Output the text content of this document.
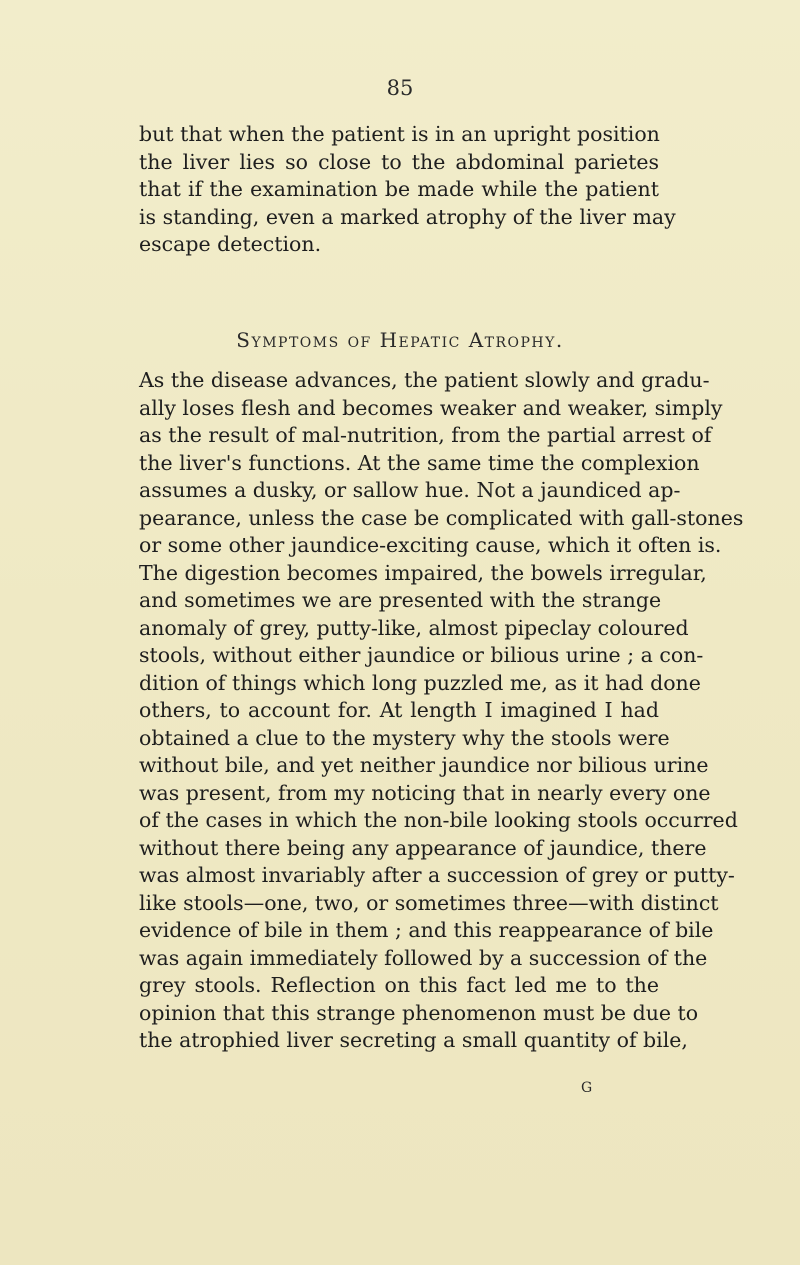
85
but that when the patient is in an upright position
the liver lies so close to the abdominal parietes
that if the examination be made while the patient
is standing, even a marked atrophy of the liver may
escape detection.
Symptoms of Hepatic Atrophy.
As the disease advances, the patient slowly and gradu-
ally loses flesh and becomes weaker and weaker, simply
as the result of mal-nutrition, from the partial arrest of
the liver's functions. At the same time the complexion
assumes a dusky, or sallow hue. Not a jaundiced ap-
pearance, unless the case be complicated with gall-stones
or some other jaundice-exciting cause, which it often is.
The digestion becomes impaired, the bowels irregular,
and sometimes we are presented with the strange
anomaly of grey, putty-like, almost pipeclay coloured
stools, without either jaundice or bilious urine ; a con-
dition of things which long puzzled me, as it had done
others, to account for. At length I imagined I had
obtained a clue to the mystery why the stools were
without bile, and yet neither jaundice nor bilious urine
was present, from my noticing that in nearly every one
of the cases in which the non-bile looking stools occurred
without there being any appearance of jaundice, there
was almost invariably after a succession of grey or putty-
like stools—one, two, or sometimes three—with distinct
evidence of bile in them ; and this reappearance of bile
was again immediately followed by a succession of the
grey stools. Reflection on this fact led me to the
opinion that this strange phenomenon must be due to
the atrophied liver secreting a small quantity of bile,
G
